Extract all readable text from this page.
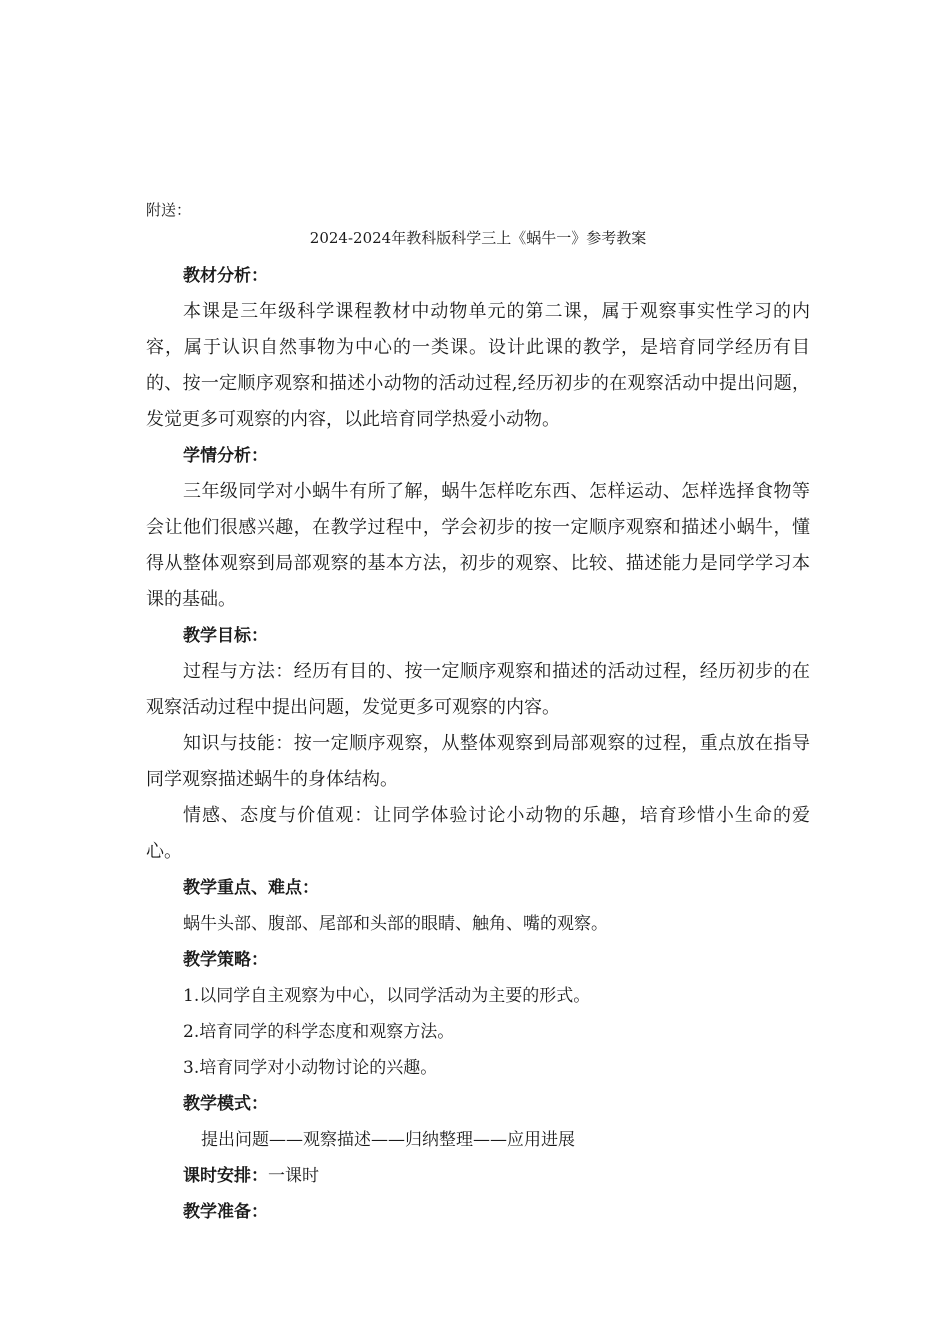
附送：
2024-2024年教科版科学三上《蜗牛一》参考教案
教材分析：

本课是三年级科学课程教材中动物单元的第二课，属于观察事实性学习的内容，属于认识自然事物为中心的一类课。设计此课的教学，是培育同学经历有目的、按一定顺序观察和描述小动物的活动过程,经历初步的在观察活动中提出问题，发觉更多可观察的内容，以此培育同学热爱小动物。

学情分析：

三年级同学对小蜗牛有所了解，蜗牛怎样吃东西、怎样运动、怎样选择食物等会让他们很感兴趣，在教学过程中，学会初步的按一定顺序观察和描述小蜗牛，懂得从整体观察到局部观察的基本方法，初步的观察、比较、描述能力是同学学习本课的基础。

教学目标：

过程与方法：经历有目的、按一定顺序观察和描述的活动过程，经历初步的在观察活动过程中提出问题，发觉更多可观察的内容。

知识与技能：按一定顺序观察，从整体观察到局部观察的过程，重点放在指导同学观察描述蜗牛的身体结构。

情感、态度与价值观：让同学体验讨论小动物的乐趣，培育珍惜小生命的爱心。

教学重点、难点：
蜗牛头部、腹部、尾部和头部的眼睛、触角、嘴的观察。
教学策略：
1.以同学自主观察为中心，以同学活动为主要的形式。
2.培育同学的科学态度和观察方法。
3.培育同学对小动物讨论的兴趣。
教学模式：
提出问题——观察描述——归纳整理——应用进展
课时安排：一课时
教学准备：
